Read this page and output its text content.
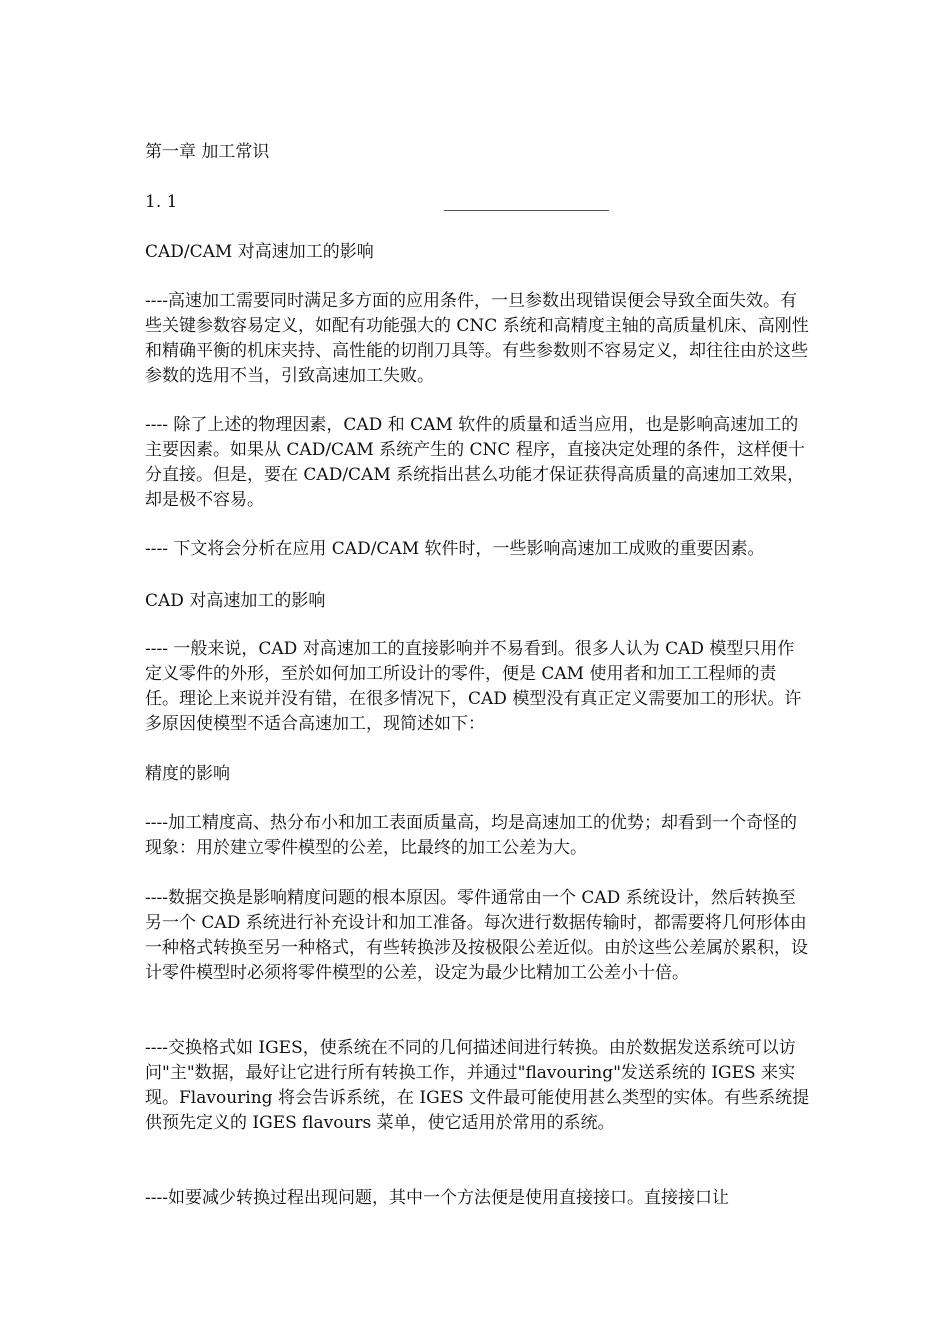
第一章 加工常识

1. 1

CAD/CAM 对高速加工的影响

----高速加工需要同时满足多方面的应用条件，一旦参数出现错误便会导致全面失效。有些关键参数容易定义，如配有功能强大的 CNC 系统和高精度主轴的高质量机床、高刚性和精确平衡的机床夹持、高性能的切削刀具等。有些参数则不容易定义，却往往由於这些参数的选用不当，引致高速加工失败。

---- 除了上述的物理因素，CAD 和 CAM 软件的质量和适当应用，也是影响高速加工的主要因素。如果从 CAD/CAM 系统产生的 CNC 程序，直接决定处理的条件，这样便十分直接。但是，要在 CAD/CAM 系统指出甚么功能才保证获得高质量的高速加工效果，却是极不容易。

---- 下文将会分析在应用 CAD/CAM 软件时，一些影响高速加工成败的重要因素。

CAD 对高速加工的影响

---- 一般来说，CAD 对高速加工的直接影响并不易看到。很多人认为 CAD 模型只用作定义零件的外形，至於如何加工所设计的零件，便是 CAM 使用者和加工工程师的责任。理论上来说并没有错，在很多情况下，CAD 模型没有真正定义需要加工的形状。许多原因使模型不适合高速加工，现简述如下：

精度的影响

----加工精度高、热分布小和加工表面质量高，均是高速加工的优势；却看到一个奇怪的现象：用於建立零件模型的公差，比最终的加工公差为大。

----数据交换是影响精度问题的根本原因。零件通常由一个 CAD 系统设计，然后转换至另一个 CAD 系统进行补充设计和加工准备。每次进行数据传输时，都需要将几何形体由一种格式转换至另一种格式，有些转换涉及按极限公差近似。由於这些公差属於累积，设计零件模型时必须将零件模型的公差，设定为最少比精加工公差小十倍。

----交换格式如 IGES，使系统在不同的几何描述间进行转换。由於数据发送系统可以访问"主"数据，最好让它进行所有转换工作，并通过"flavouring"发送系统的 IGES 来实现。Flavouring 将会告诉系统，在 IGES 文件最可能使用甚么类型的实体。有些系统提供预先定义的 IGES flavours 菜单，使它适用於常用的系统。

----如要减少转换过程出现问题，其中一个方法便是使用直接接口。直接接口让
